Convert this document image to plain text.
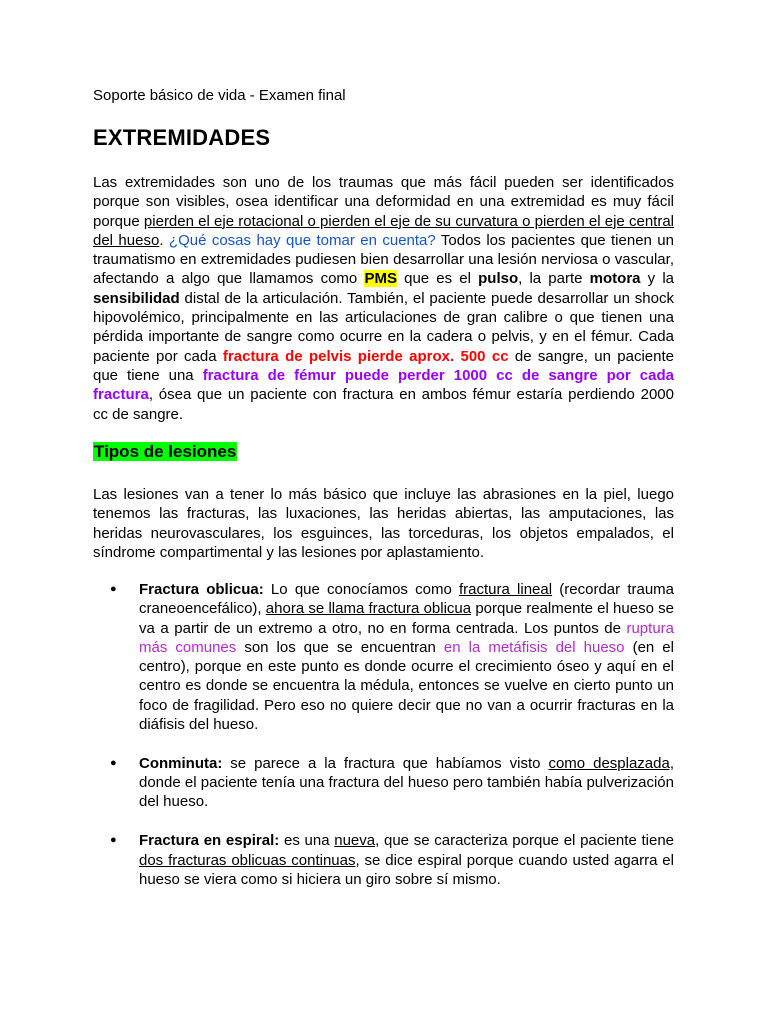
Soporte básico de vida - Examen final
EXTREMIDADES
Las extremidades son uno de los traumas que más fácil pueden ser identificados porque son visibles, osea identificar una deformidad en una extremidad es muy fácil porque pierden el eje rotacional o pierden el eje de su curvatura o pierden el eje central del hueso. ¿Qué cosas hay que tomar en cuenta? Todos los pacientes que tienen un traumatismo en extremidades pudiesen bien desarrollar una lesión nerviosa o vascular, afectando a algo que llamamos como PMS que es el pulso, la parte motora y la sensibilidad distal de la articulación. También, el paciente puede desarrollar un shock hipovolémico, principalmente en las articulaciones de gran calibre o que tienen una pérdida importante de sangre como ocurre en la cadera o pelvis, y en el fémur. Cada paciente por cada fractura de pelvis pierde aprox. 500 cc de sangre, un paciente que tiene una fractura de fémur puede perder 1000 cc de sangre por cada fractura, ósea que un paciente con fractura en ambos fémur estaría perdiendo 2000 cc de sangre.
Tipos de lesiones
Las lesiones van a tener lo más básico que incluye las abrasiones en la piel, luego tenemos las fracturas, las luxaciones, las heridas abiertas, las amputaciones, las heridas neurovasculares, los esguinces, las torceduras, los objetos empalados, el síndrome compartimental y las lesiones por aplastamiento.
● Fractura oblicua: Lo que conocíamos como fractura lineal (recordar trauma craneoencefálico), ahora se llama fractura oblicua porque realmente el hueso se va a partir de un extremo a otro, no en forma centrada. Los puntos de ruptura más comunes son los que se encuentran en la metáfisis del hueso (en el centro), porque en este punto es donde ocurre el crecimiento óseo y aquí en el centro es donde se encuentra la médula, entonces se vuelve en cierto punto un foco de fragilidad. Pero eso no quiere decir que no van a ocurrir fracturas en la diáfisis del hueso.
● Conminuta: se parece a la fractura que habíamos visto como desplazada, donde el paciente tenía una fractura del hueso pero también había pulverización del hueso.
● Fractura en espiral: es una nueva, que se caracteriza porque el paciente tiene dos fracturas oblicuas continuas, se dice espiral porque cuando usted agarra el hueso se viera como si hiciera un giro sobre sí mismo.
